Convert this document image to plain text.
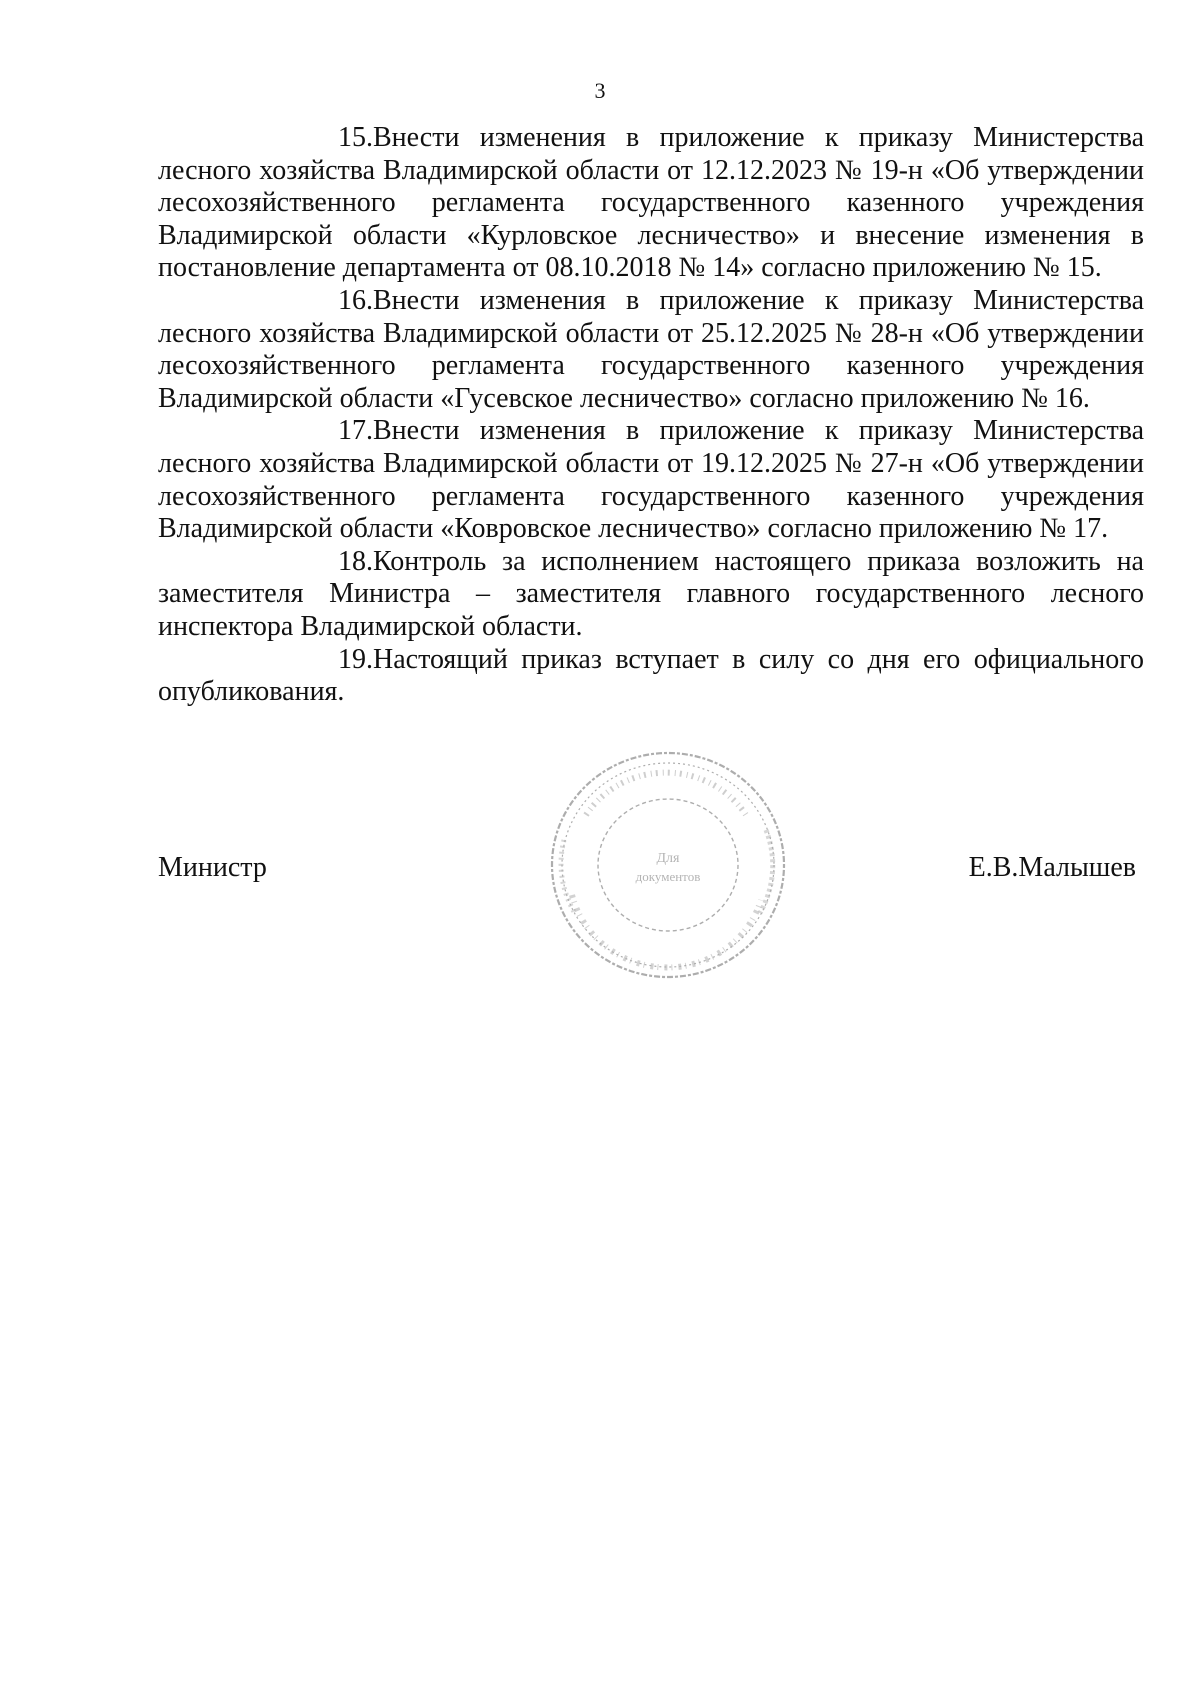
3

15.Внести изменения в приложение к приказу Министерства лесного хозяйства Владимирской области от 12.12.2023 № 19-н «Об утверждении лесохозяйственного регламента государственного казенного учреждения Владимирской области «Курловское лесничество» и внесение изменения в постановление департамента от 08.10.2018 № 14» согласно приложению № 15.

16.Внести изменения в приложение к приказу Министерства лесного хозяйства Владимирской области от 25.12.2025 № 28-н «Об утверждении лесохозяйственного регламента государственного казенного учреждения Владимирской области «Гусевское лесничество» согласно приложению № 16.

17.Внести изменения в приложение к приказу Министерства лесного хозяйства Владимирской области от 19.12.2025 № 27-н «Об утверждении лесохозяйственного регламента государственного казенного учреждения Владимирской области «Ковровское лесничество» согласно приложению № 17.

18.Контроль за исполнением настоящего приказа возложить на заместителя Министра – заместителя главного государственного лесного инспектора Владимирской области.

19.Настоящий приказ вступает в силу со дня его официального опубликования.

Для
документов
Министр	Е.В.Малышев
